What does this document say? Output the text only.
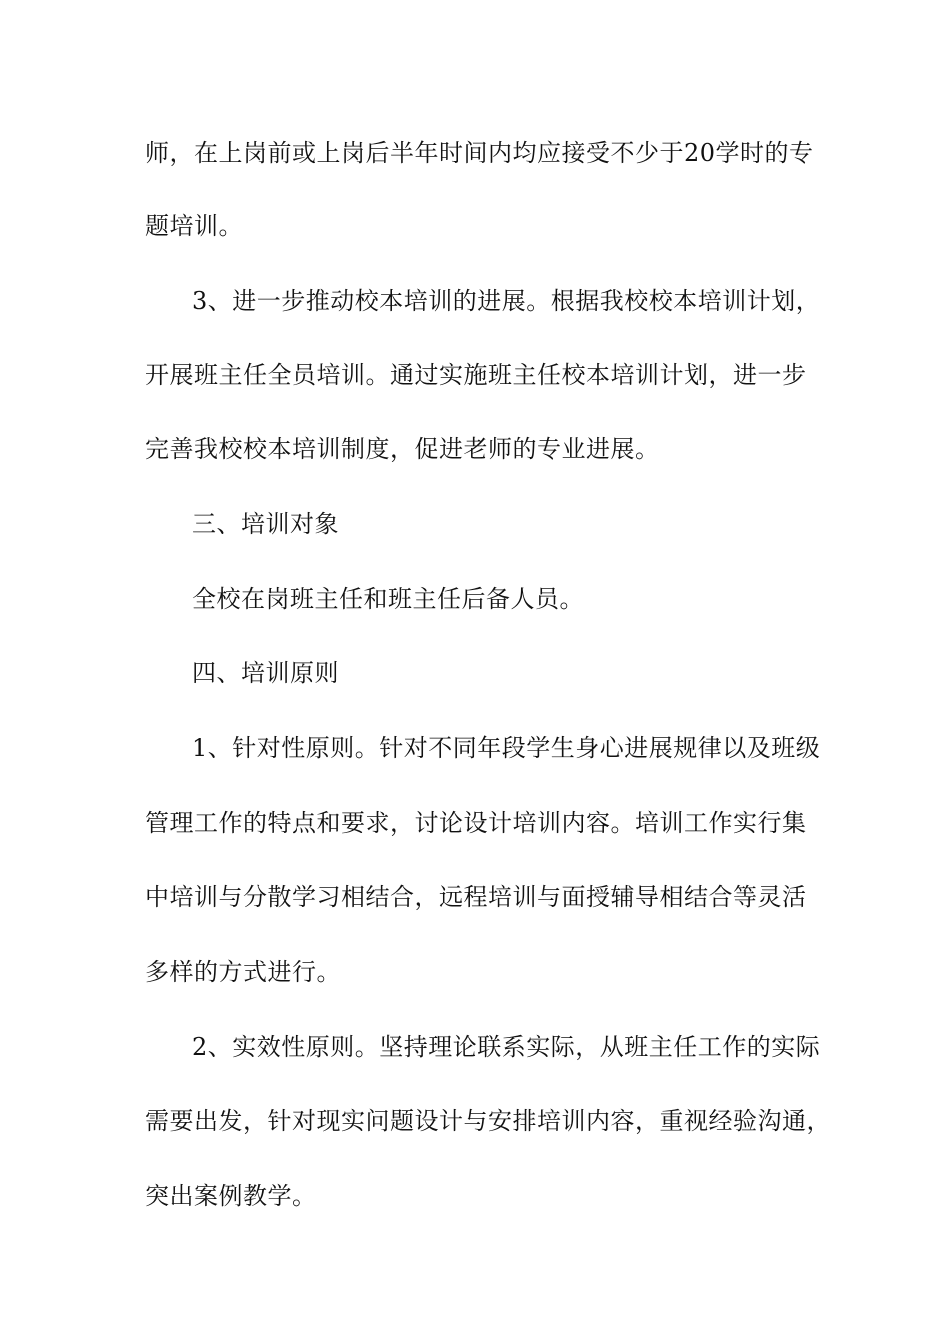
师，在上岗前或上岗后半年时间内均应接受不少于20学时的专
题培训。
3、进一步推动校本培训的进展。根据我校校本培训计划，
开展班主任全员培训。通过实施班主任校本培训计划，进一步
完善我校校本培训制度，促进老师的专业进展。
三、培训对象
全校在岗班主任和班主任后备人员。
四、培训原则
1、针对性原则。针对不同年段学生身心进展规律以及班级
管理工作的特点和要求，讨论设计培训内容。培训工作实行集
中培训与分散学习相结合，远程培训与面授辅导相结合等灵活
多样的方式进行。
2、实效性原则。坚持理论联系实际，从班主任工作的实际
需要出发，针对现实问题设计与安排培训内容，重视经验沟通，
突出案例教学。
